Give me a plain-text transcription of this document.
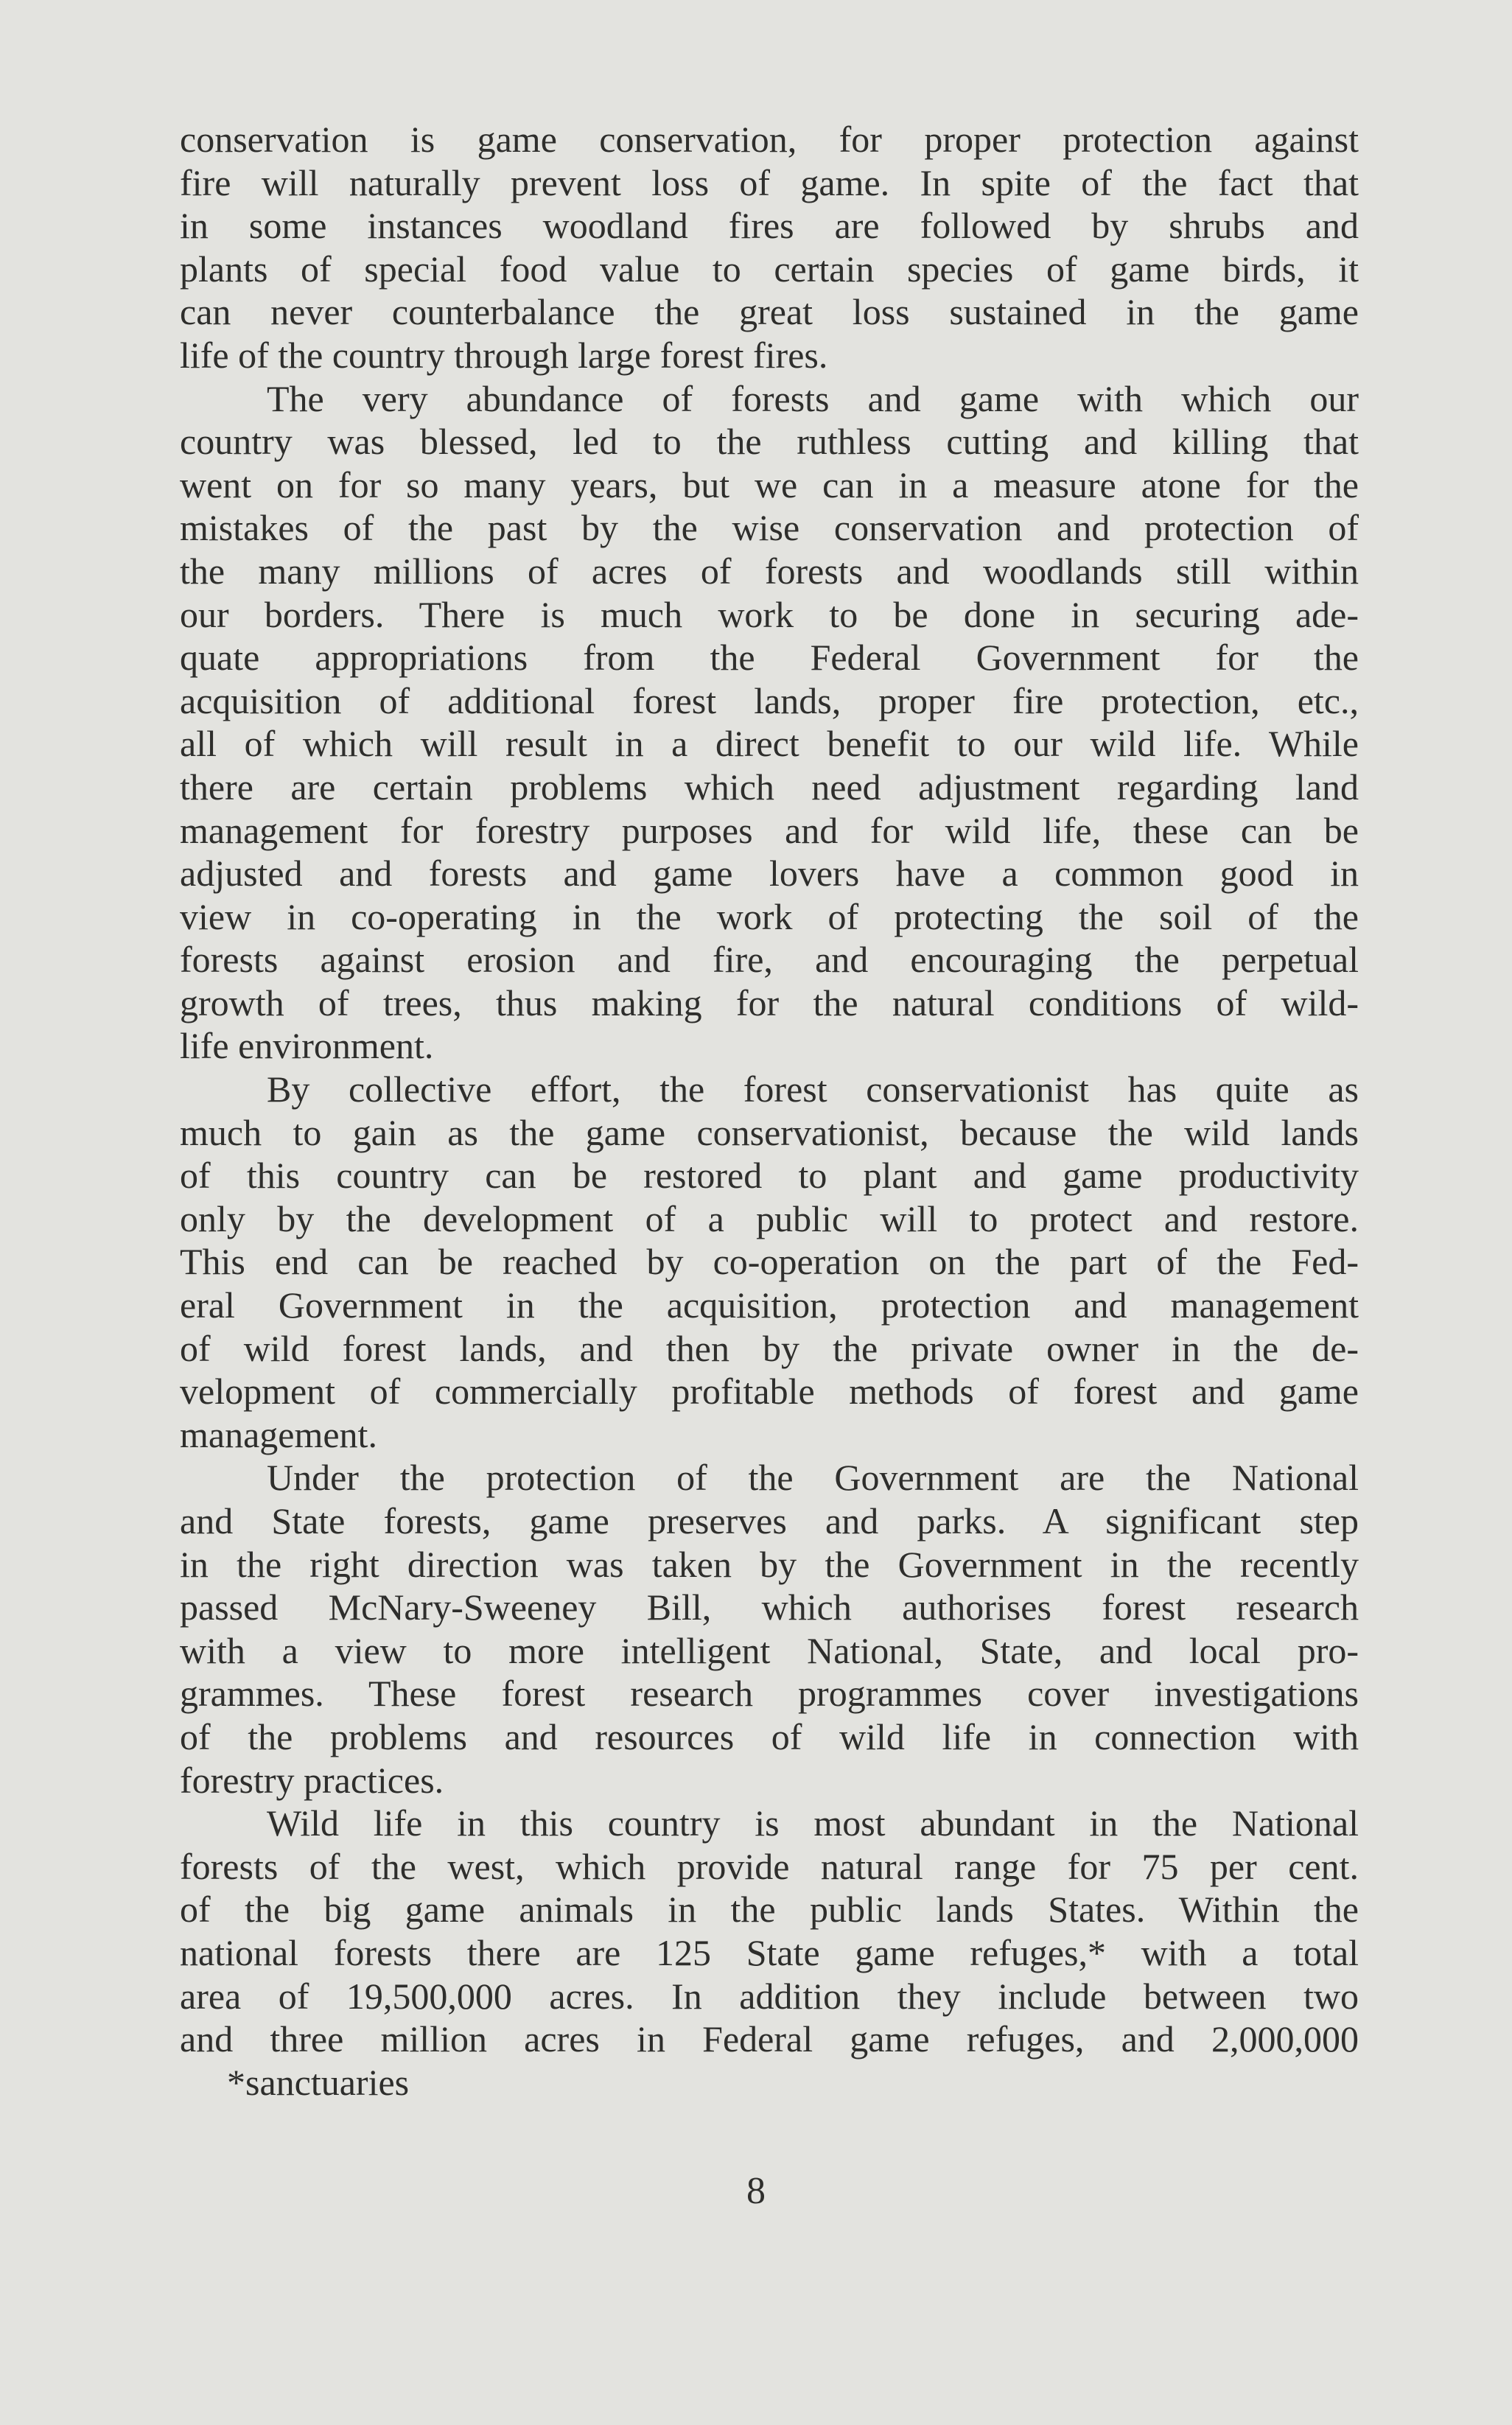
conservation is game conservation, for proper protection against
fire will naturally prevent loss of game. In spite of the fact that
in some instances woodland fires are followed by shrubs and
plants of special food value to certain species of game birds, it
can never counterbalance the great loss sustained in the game
life of the country through large forest fires.
The very abundance of forests and game with which our
country was blessed, led to the ruthless cutting and killing that
went on for so many years, but we can in a measure atone for the
mistakes of the past by the wise conservation and protection of
the many millions of acres of forests and woodlands still within
our borders. There is much work to be done in securing ade-
quate appropriations from the Federal Government for the
acquisition of additional forest lands, proper fire protection, etc.,
all of which will result in a direct benefit to our wild life. While
there are certain problems which need adjustment regarding land
management for forestry purposes and for wild life, these can be
adjusted and forests and game lovers have a common good in
view in co-operating in the work of protecting the soil of the
forests against erosion and fire, and encouraging the perpetual
growth of trees, thus making for the natural conditions of wild-
life environment.
By collective effort, the forest conservationist has quite as
much to gain as the game conservationist, because the wild lands
of this country can be restored to plant and game productivity
only by the development of a public will to protect and restore.
This end can be reached by co-operation on the part of the Fed-
eral Government in the acquisition, protection and management
of wild forest lands, and then by the private owner in the de-
velopment of commercially profitable methods of forest and game
management.
Under the protection of the Government are the National
and State forests, game preserves and parks. A significant step
in the right direction was taken by the Government in the recently
passed McNary-Sweeney Bill, which authorises forest research
with a view to more intelligent National, State, and local pro-
grammes. These forest research programmes cover investigations
of the problems and resources of wild life in connection with
forestry practices.
Wild life in this country is most abundant in the National
forests of the west, which provide natural range for 75 per cent.
of the big game animals in the public lands States. Within the
national forests there are 125 State game refuges,* with a total
area of 19,500,000 acres. In addition they include between two
and three million acres in Federal game refuges, and 2,000,000
*sanctuaries
8
